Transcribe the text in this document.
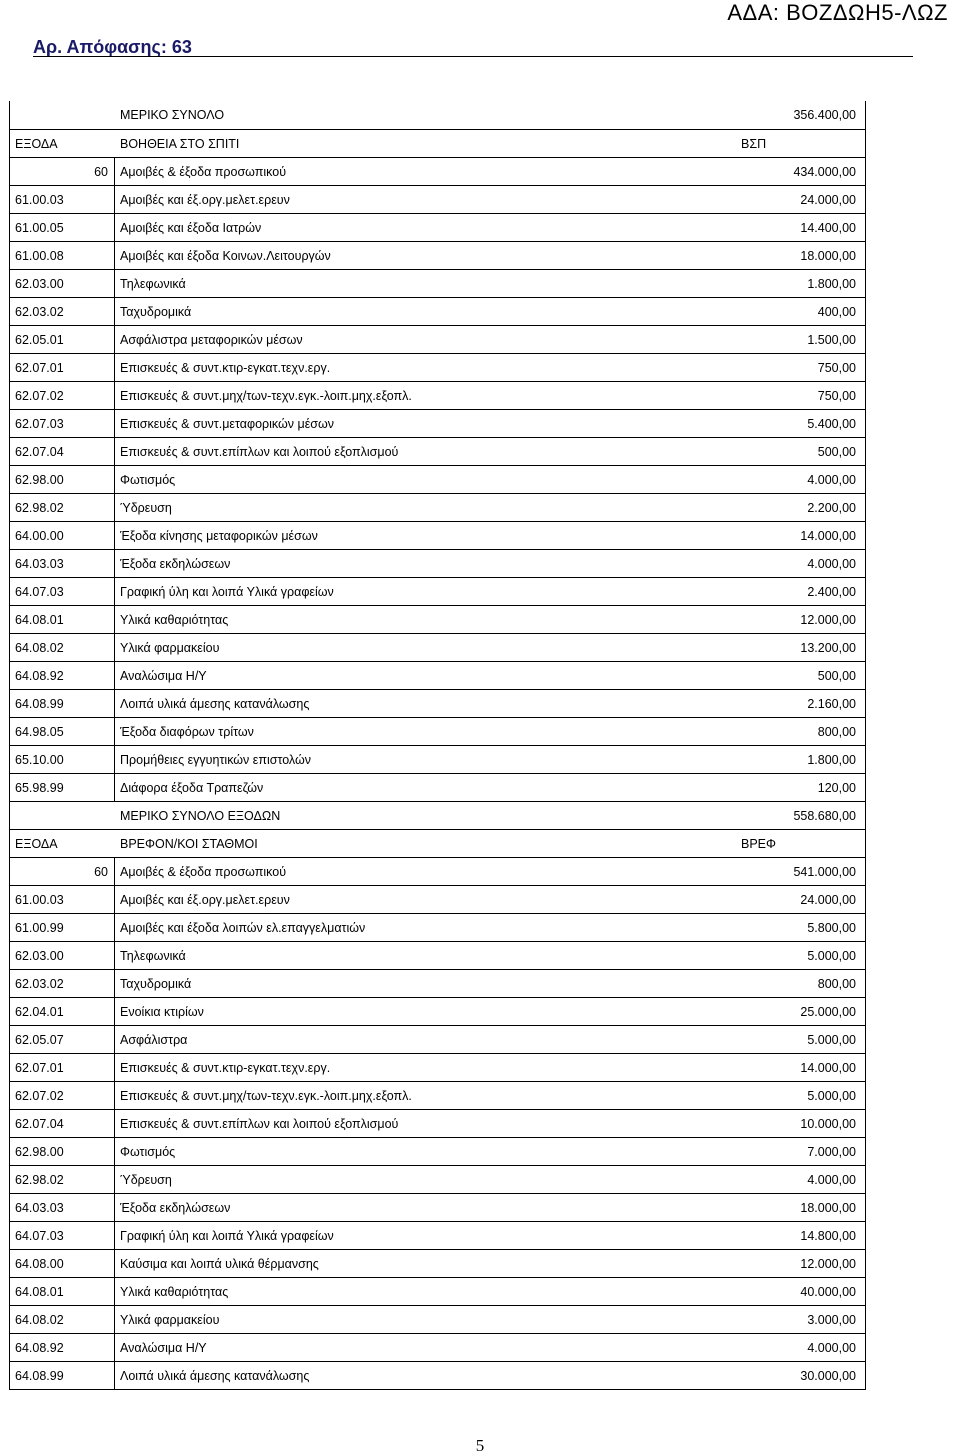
ΑΔΑ: ΒΟΖΔΩΗ5-ΛΩΖ
Αρ. Απόφασης: 63
ΜΕΡΙΚΟ ΣΥΝΟΛΟ	356.400,00
ΕΞΟΔΑ	ΒΟΗΘΕΙΑ ΣΤΟ ΣΠΙΤΙ	ΒΣΠ
60 Αμοιβές & έξοδα προσωπικού	434.000,00
61.00.03	Αμοιβές και έξ.οργ.μελετ.ερευν	24.000,00
61.00.05	Αμοιβές και έξοδα Ιατρών	14.400,00
61.00.08	Αμοιβές και έξοδα Κοινων.Λειτουργών	18.000,00
62.03.00	Τηλεφωνικά	1.800,00
62.03.02	Ταχυδρομικά	400,00
62.05.01	Ασφάλιστρα μεταφορικών μέσων	1.500,00
62.07.01	Επισκευές & συντ.κτιρ-εγκατ.τεχν.εργ.	750,00
62.07.02	Επισκευές & συντ.μηχ/των-τεχν.εγκ.-λοιπ.μηχ.εξοπλ.	750,00
62.07.03	Επισκευές & συντ.μεταφορικών μέσων	5.400,00
62.07.04	Επισκευές & συντ.επίπλων και λοιπού εξοπλισμού	500,00
62.98.00	Φωτισμός	4.000,00
62.98.02	Ύδρευση	2.200,00
64.00.00	Έξοδα κίνησης μεταφορικών μέσων	14.000,00
64.03.03	Έξοδα εκδηλώσεων	4.000,00
64.07.03	Γραφική ύλη και λοιπά Υλικά γραφείων	2.400,00
64.08.01	Υλικά καθαριότητας	12.000,00
64.08.02	Υλικά φαρμακείου	13.200,00
64.08.92	Αναλώσιμα Η/Υ	500,00
64.08.99	Λοιπά υλικά άμεσης κατανάλωσης	2.160,00
64.98.05	Έξοδα διαφόρων τρίτων	800,00
65.10.00	Προμήθειες εγγυητικών επιστολών	1.800,00
65.98.99	Διάφορα έξοδα Τραπεζών	120,00
ΜΕΡΙΚΟ ΣΥΝΟΛΟ ΕΞΟΔΩΝ	558.680,00
ΕΞΟΔΑ	ΒΡΕΦΟΝ/ΚΟΙ ΣΤΑΘΜΟΙ	ΒΡΕΦ
60 Αμοιβές & έξοδα προσωπικού	541.000,00
61.00.03	Αμοιβές και έξ.οργ.μελετ.ερευν	24.000,00
61.00.99	Αμοιβές και έξοδα λοιπών ελ.επαγγελματιών	5.800,00
62.03.00	Τηλεφωνικά	5.000,00
62.03.02	Ταχυδρομικά	800,00
62.04.01	Ενοίκια κτιρίων	25.000,00
62.05.07	Ασφάλιστρα	5.000,00
62.07.01	Επισκευές & συντ.κτιρ-εγκατ.τεχν.εργ.	14.000,00
62.07.02	Επισκευές & συντ.μηχ/των-τεχν.εγκ.-λοιπ.μηχ.εξοπλ.	5.000,00
62.07.04	Επισκευές & συντ.επίπλων και λοιπού εξοπλισμού	10.000,00
62.98.00	Φωτισμός	7.000,00
62.98.02	Ύδρευση	4.000,00
64.03.03	Έξοδα εκδηλώσεων	18.000,00
64.07.03	Γραφική ύλη και λοιπά Υλικά γραφείων	14.800,00
64.08.00	Καύσιμα και λοιπά υλικά θέρμανσης	12.000,00
64.08.01	Υλικά καθαριότητας	40.000,00
64.08.02	Υλικά φαρμακείου	3.000,00
64.08.92	Αναλώσιμα Η/Υ	4.000,00
64.08.99	Λοιπά υλικά άμεσης κατανάλωσης	30.000,00
5
